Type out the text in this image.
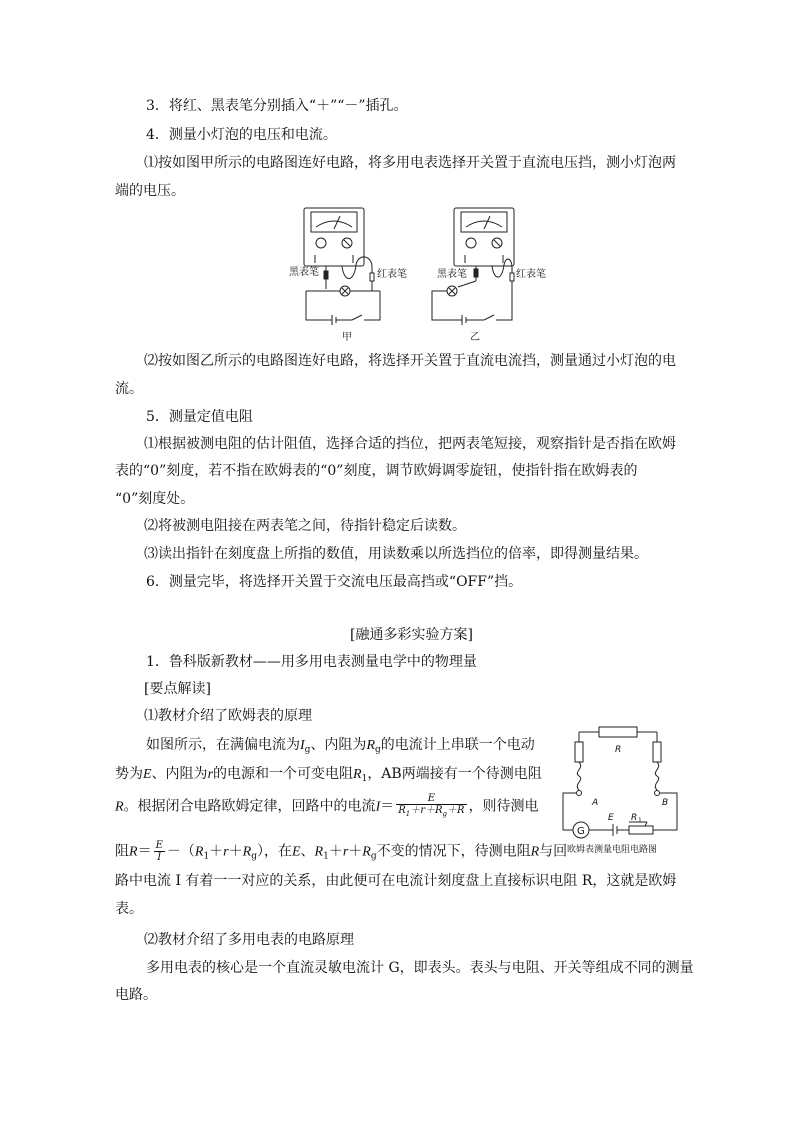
3．将红、黑表笔分别插入“＋”“－”插孔。
4．测量小灯泡的电压和电流。
⑴按如图甲所示的电路图连好电路，将多用电表选择开关置于直流电压挡，测小灯泡两
端的电压。
黑表笔	红表笔	黑表笔	红表笔
甲	乙
⑵按如图乙所示的电路图连好电路，将选择开关置于直流电流挡，测量通过小灯泡的电
流。
5．测量定值电阻
⑴根据被测电阻的估计阻值，选择合适的挡位，把两表笔短接，观察指针是否指在欧姆
表的“0”刻度，若不指在欧姆表的“0”刻度，调节欧姆调零旋钮，使指针指在欧姆表的
“0”刻度处。
⑵将被测电阻接在两表笔之间，待指针稳定后读数。
⑶读出指针在刻度盘上所指的数值，用读数乘以所选挡位的倍率，即得测量结果。
6．测量完毕，将选择开关置于交流电压最高挡或“OFF”挡。
[融通多彩实验方案]
1．鲁科版新教材——用多用电表测量电学中的物理量
[要点解读]
⑴教材介绍了欧姆表的原理
如图所示，在满偏电流为$I_g$、内阻为$R_g$的电流计上串联一个电动
势为E、内阻为r的电源和一个可变电阻$R_1$，AB两端接有一个待测电阻
R。根据闭合电路欧姆定律，回路中的电流$I= \frac{E}{R_1+r+R_g+R}$ ，则待测电
阻$R= \frac{E}{I} -(R_1+r+R_g)$，在E、$R_1+r+R_g$不变的情况下，待测电阻R与回
路中电流 I 有着一一对应的关系，由此便可在电流计刻度盘上直接标识电阻 R，这就是欧姆
表。
R
A	B
G
E R 1
欧姆表测量电阻电路图
⑵教材介绍了多用电表的电路原理
多用电表的核心是一个直流灵敏电流计 G，即表头。表头与电阻、开关等组成不同的测量
电路。
